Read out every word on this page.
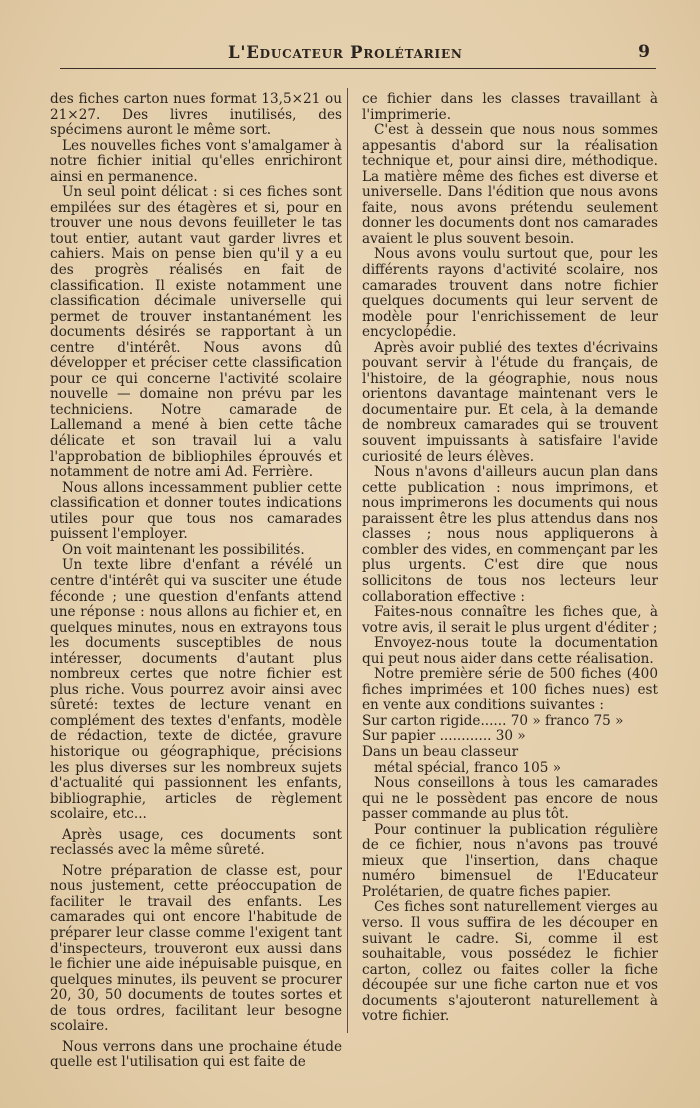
L'Educateur Prolétarien	9

des fiches carton nues format 13,5×21 ou 21×27. Des livres inutilisés, des spécimens auront le même sort.

Les nouvelles fiches vont s'amalgamer à notre fichier initial qu'elles enrichiront ainsi en permanence.

Un seul point délicat : si ces fiches sont empilées sur des étagères et si, pour en trouver une nous devons feuilleter le tas tout entier, autant vaut garder livres et cahiers. Mais on pense bien qu'il y a eu des progrès réalisés en fait de classification. Il existe notamment une classification décimale universelle qui permet de trouver instantanément les documents désirés se rapportant à un centre d'intérêt. Nous avons dû développer et préciser cette classification pour ce qui concerne l'activité scolaire nouvelle — domaine non prévu par les techniciens. Notre camarade de Lallemand a mené à bien cette tâche délicate et son travail lui a valu l'approbation de bibliophiles éprouvés et notamment de notre ami Ad. Ferrière.

Nous allons incessamment publier cette classification et donner toutes indications utiles pour que tous nos camarades puissent l'employer.

On voit maintenant les possibilités.

Un texte libre d'enfant a révélé un centre d'intérêt qui va susciter une étude féconde ; une question d'enfants attend une réponse : nous allons au fichier et, en quelques minutes, nous en extrayons tous les documents susceptibles de nous intéresser, documents d'autant plus nombreux certes que notre fichier est plus riche. Vous pourrez avoir ainsi avec sûreté: textes de lecture venant en complément des textes d'enfants, modèle de rédaction, texte de dictée, gravure historique ou géographique, précisions les plus diverses sur les nombreux sujets d'actualité qui passionnent les enfants, bibliographie, articles de règlement scolaire, etc...

Après usage, ces documents sont reclassés avec la même sûreté.

Notre préparation de classe est, pour nous justement, cette préoccupation de faciliter le travail des enfants. Les camarades qui ont encore l'habitude de préparer leur classe comme l'exigent tant d'inspecteurs, trouveront eux aussi dans le fichier une aide inépuisable puisque, en quelques minutes, ils peuvent se procurer 20, 30, 50 documents de toutes sortes et de tous ordres, facilitant leur besogne scolaire.

Nous verrons dans une prochaine étude quelle est l'utilisation qui est faite de

ce fichier dans les classes travaillant à l'imprimerie.

C'est à dessein que nous nous sommes appesantis d'abord sur la réalisation technique et, pour ainsi dire, méthodique. La matière même des fiches est diverse et universelle. Dans l'édition que nous avons faite, nous avons prétendu seulement donner les documents dont nos camarades avaient le plus souvent besoin.

Nous avons voulu surtout que, pour les différents rayons d'activité scolaire, nos camarades trouvent dans notre fichier quelques documents qui leur servent de modèle pour l'enrichissement de leur encyclopédie.

Après avoir publié des textes d'écrivains pouvant servir à l'étude du français, de l'histoire, de la géographie, nous nous orientons davantage maintenant vers le documentaire pur. Et cela, à la demande de nombreux camarades qui se trouvent souvent impuissants à satisfaire l'avide curiosité de leurs élèves.

Nous n'avons d'ailleurs aucun plan dans cette publication : nous imprimons, et nous imprimerons les documents qui nous paraissent être les plus attendus dans nos classes ; nous nous appliquerons à combler des vides, en commençant par les plus urgents. C'est dire que nous sollicitons de tous nos lecteurs leur collaboration effective :

Faites-nous connaître les fiches que, à votre avis, il serait le plus urgent d'éditer ;

Envoyez-nous toute la documentation qui peut nous aider dans cette réalisation.

Notre première série de 500 fiches (400 fiches imprimées et 100 fiches nues) est en vente aux conditions suivantes :

Sur carton rigide...... 70 » franco 75 »

Sur papier ............ 30 »

Dans un beau classeur

métal spécial, franco 105 »

Nous conseillons à tous les camarades qui ne le possèdent pas encore de nous passer commande au plus tôt.

Pour continuer la publication régulière de ce fichier, nous n'avons pas trouvé mieux que l'insertion, dans chaque numéro bimensuel de l'Educateur Prolétarien, de quatre fiches papier.

Ces fiches sont naturellement vierges au verso. Il vous suffira de les découper en suivant le cadre. Si, comme il est souhaitable, vous possédez le fichier carton, collez ou faites coller la fiche découpée sur une fiche carton nue et vos documents s'ajouteront naturellement à votre fichier.
